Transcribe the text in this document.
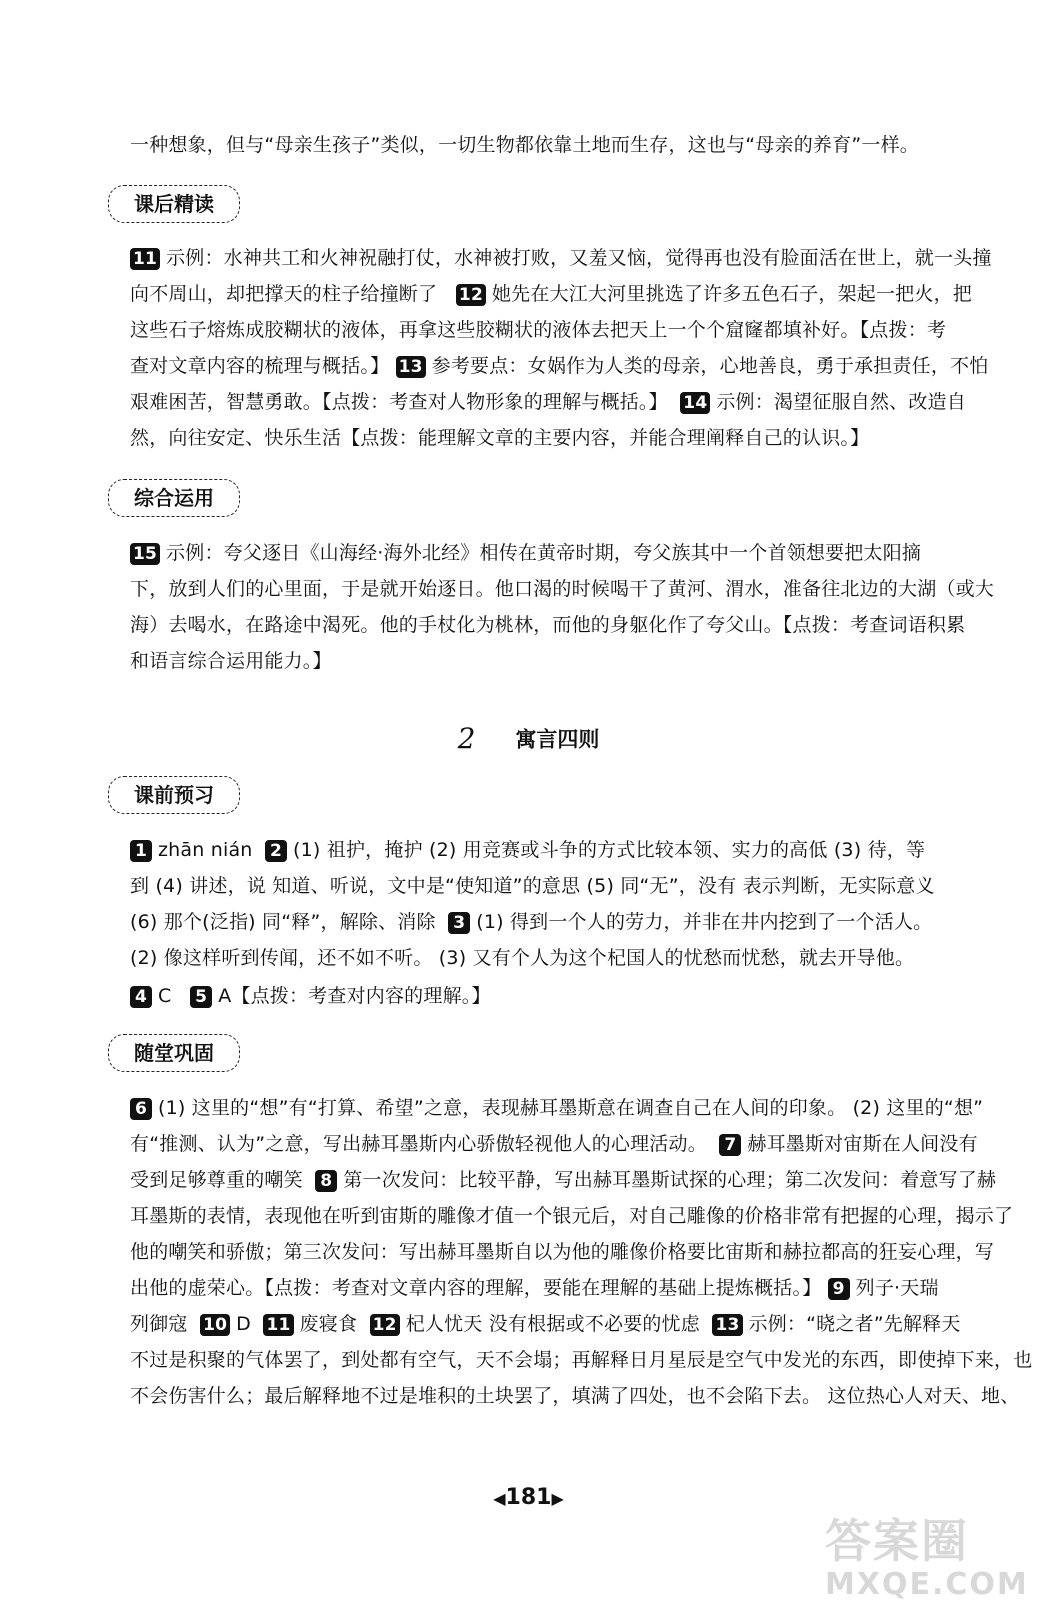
一种想象，但与“母亲生孩子”类似，一切生物都依靠土地而生存，这也与“母亲的养育”一样。
课后精读
11 示例：水神共工和火神祝融打仗，水神被打败，又羞又恼，觉得再也没有脸面活在世上，就一头撞
向不周山，却把撑天的柱子给撞断了 12 她先在大江大河里挑选了许多五色石子，架起一把火，把
这些石子熔炼成胶糊状的液体，再拿这些胶糊状的液体去把天上一个个窟窿都填补好。【点拨：考
查对文章内容的梳理与概括。】 13 参考要点：女娲作为人类的母亲，心地善良，勇于承担责任，不怕
艰难困苦，智慧勇敢。【点拨：考查对人物形象的理解与概括。】 14 示例：渴望征服自然、改造自
然，向往安定、快乐生活【点拨：能理解文章的主要内容，并能合理阐释自己的认识。】
综合运用
15 示例：夸父逐日《山海经·海外北经》相传在黄帝时期，夸父族其中一个首领想要把太阳摘
下，放到人们的心里面，于是就开始逐日。他口渴的时候喝干了黄河、渭水，准备往北边的大湖（或大
海）去喝水，在路途中渴死。他的手杖化为桃林，而他的身躯化作了夸父山。【点拨：考查词语积累
和语言综合运用能力。】
2 寓言四则
课前预习
1 zhān nián 2 (1) 祖护，掩护 (2) 用竞赛或斗争的方式比较本领、实力的高低 (3) 待，等
到 (4) 讲述，说 知道、听说，文中是“使知道”的意思 (5) 同“无”，没有 表示判断，无实际意义
(6) 那个(泛指) 同“释”，解除、消除 3 (1) 得到一个人的劳力，并非在井内挖到了一个活人。
(2) 像这样听到传闻，还不如不听。 (3) 又有个人为这个杞国人的忧愁而忧愁，就去开导他。
4 C 5 A【点拨：考查对内容的理解。】
随堂巩固
6 (1) 这里的“想”有“打算、希望”之意，表现赫耳墨斯意在调查自己在人间的印象。 (2) 这里的“想”
有“推测、认为”之意，写出赫耳墨斯内心骄傲轻视他人的心理活动。 7 赫耳墨斯对宙斯在人间没有
受到足够尊重的嘲笑 8 第一次发问：比较平静，写出赫耳墨斯试探的心理；第二次发问：着意写了赫
耳墨斯的表情，表现他在听到宙斯的雕像才值一个银元后，对自己雕像的价格非常有把握的心理，揭示了
他的嘲笑和骄傲；第三次发问：写出赫耳墨斯自以为他的雕像价格要比宙斯和赫拉都高的狂妄心理，写
出他的虚荣心。【点拨：考查对文章内容的理解，要能在理解的基础上提炼概括。】 9 列子·天瑞
列御寇 10 D 11 废寝食 12 杞人忧天 没有根据或不必要的忧虑 13 示例：“晓之者”先解释天
不过是积聚的气体罢了，到处都有空气，天不会塌；再解释日月星辰是空气中发光的东西，即使掉下来，也
不会伤害什么；最后解释地不过是堆积的土块罢了，填满了四处，也不会陷下去。 这位热心人对天、地、
◀181▶
答案圈
MXQE.COM
